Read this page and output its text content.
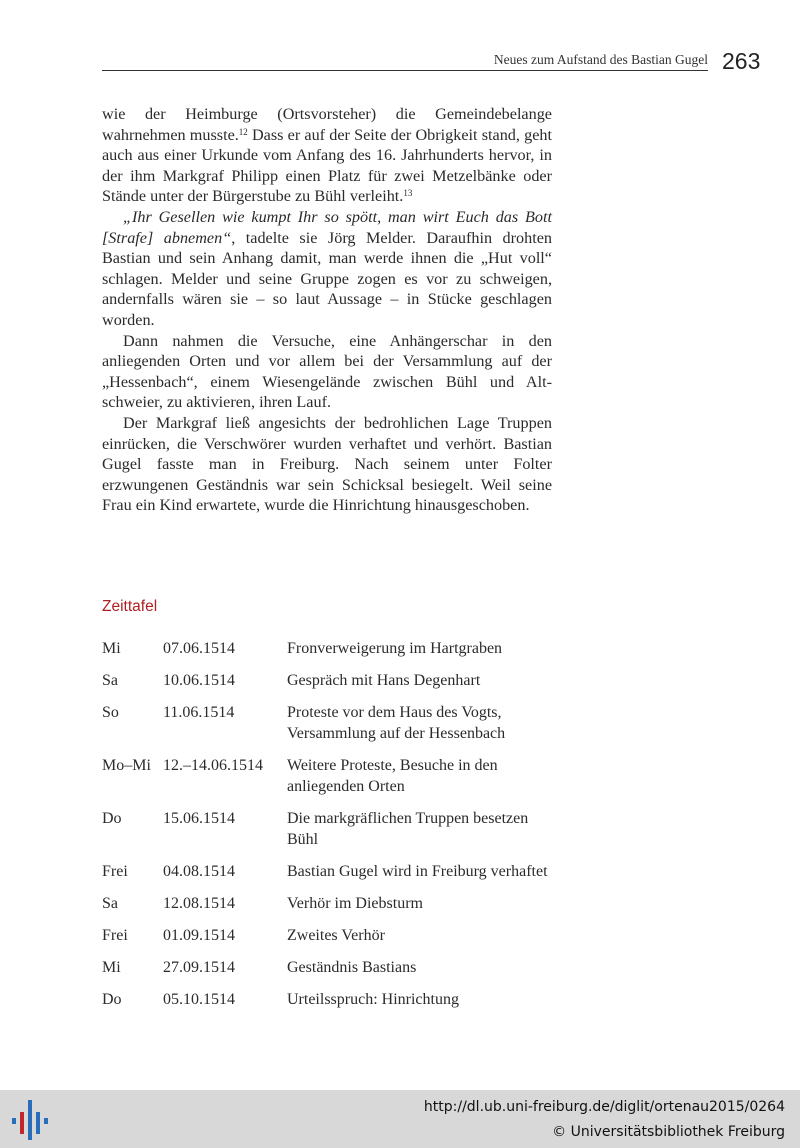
Neues zum Aufstand des Bastian Gugel 263

wie der Heimburge (Ortsvorsteher) die Gemeindebelange wahrnehmen musste.$^{12}$ Dass er auf der Seite der Obrigkeit stand, geht auch aus einer Urkunde vom Anfang des 16. Jahrhunderts hervor, in der ihm Markgraf Philipp einen Platz für zwei Metzelbänke oder Stände unter der Bürgerstube zu Bühl verleiht.$^{13}$

„Ihr Gesellen wie kumpt Ihr so spött, man wirt Euch das Bott [Strafe] abnemen“, tadelte sie Jörg Melder. Daraufhin drohten Bastian und sein Anhang damit, man werde ihnen die „Hut voll“ schlagen. Melder und seine Gruppe zogen es vor zu schweigen, andernfalls wären sie – so laut Aussage – in Stücke geschlagen worden.

Dann nahmen die Versuche, eine Anhängerschar in den anliegenden Orten und vor allem bei der Versammlung auf der „Hessenbach“, einem Wiesengelände zwischen Bühl und Altschweier, zu aktivieren, ihren Lauf.

Der Markgraf ließ angesichts der bedrohlichen Lage Truppen einrücken, die Verschwörer wurden verhaftet und verhört. Bastian Gugel fasste man in Freiburg. Nach seinem unter Folter erzwungenen Geständnis war sein Schicksal besiegelt. Weil seine Frau ein Kind erwartete, wurde die Hinrichtung hinausgeschoben.

Zeittafel
Mi	07.06.1514	Fronverweigerung im Hartgraben
Sa	10.06.1514	Gespräch mit Hans Degenhart
So	11.06.1514	Proteste vor dem Haus des Vogts, Versammlung auf der Hessenbach
Mo–Mi	12.–14.06.1514	Weitere Proteste, Besuche in den anliegenden Orten
Do	15.06.1514	Die markgräflichen Truppen besetzen Bühl
Frei	04.08.1514	Bastian Gugel wird in Freiburg verhaftet
Sa	12.08.1514	Verhör im Diebsturm
Frei	01.09.1514	Zweites Verhör
Mi	27.09.1514	Geständnis Bastians
Do	05.10.1514	Urteilsspruch: Hinrichtung
http://dl.ub.uni-freiburg.de/diglit/ortenau2015/0264
© Universitätsbibliothek Freiburg
